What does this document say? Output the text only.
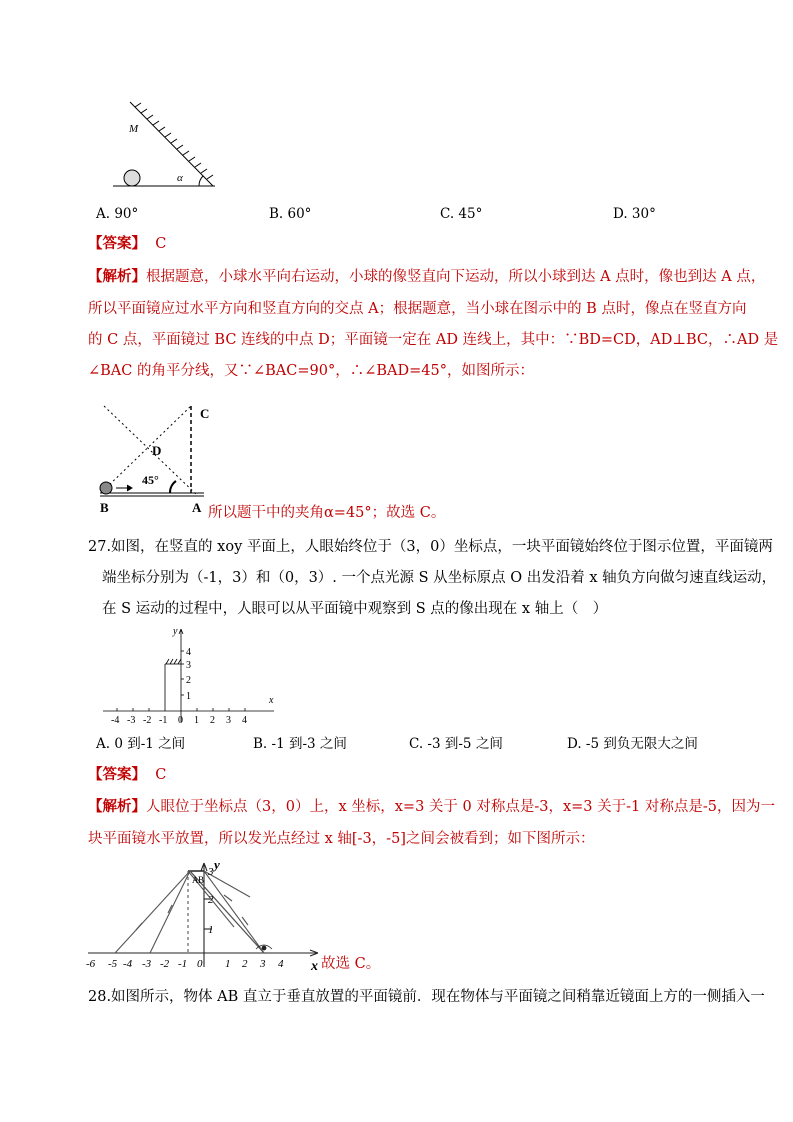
M
α
A. 90°	B. 60°	C. 45°	D. 30°
【答案】 C
【解析】根据题意，小球水平向右运动，小球的像竖直向下运动，所以小球到达 A 点时，像也到达 A 点，
所以平面镜应过水平方向和竖直方向的交点 A；根据题意，当小球在图示中的 B 点时，像点在竖直方向
的 C 点，平面镜过 BC 连线的中点 D；平面镜一定在 AD 连线上，其中：∵BD=CD，AD⊥BC，∴AD 是
∠BAC 的角平分线，又∵∠BAC=90°，∴∠BAD=45°，如图所示：
C
D
45°
B	A 所以题干中的夹角α=45°；故选 C。
27.如图，在竖直的 xoy 平面上，人眼始终位于（3，0）坐标点，一块平面镜始终位于图示位置，平面镜两
端坐标分别为（-1，3）和（0，3）. 一个点光源 S 从坐标原点 O 出发沿着 x 轴负方向做匀速直线运动，
在 S 运动的过程中，人眼可以从平面镜中观察到 S 点的像出现在 x 轴上（　）
y
x
4
3
2
1
-4 -3 -2 -1 0 1 2 3 4
A. 0 到-1 之间	B. -1 到-3 之间	C. -3 到-5 之间	D. -5 到负无限大之间
【答案】 C
【解析】人眼位于坐标点（3，0）上，x 坐标，x=3 关于 0 对称点是-3，x=3 关于-1 对称点是-5，因为一
块平面镜水平放置，所以发光点经过 x 轴[-3，-5]之间会被看到；如下图所示：
y
x
A B
3
2
1
-6 -5 -4 -3 -2 -1 0 1 2 3 4	故选 C。
28.如图所示，物体 AB 直立于垂直放置的平面镜前．现在物体与平面镜之间稍靠近镜面上方的一侧插入一
